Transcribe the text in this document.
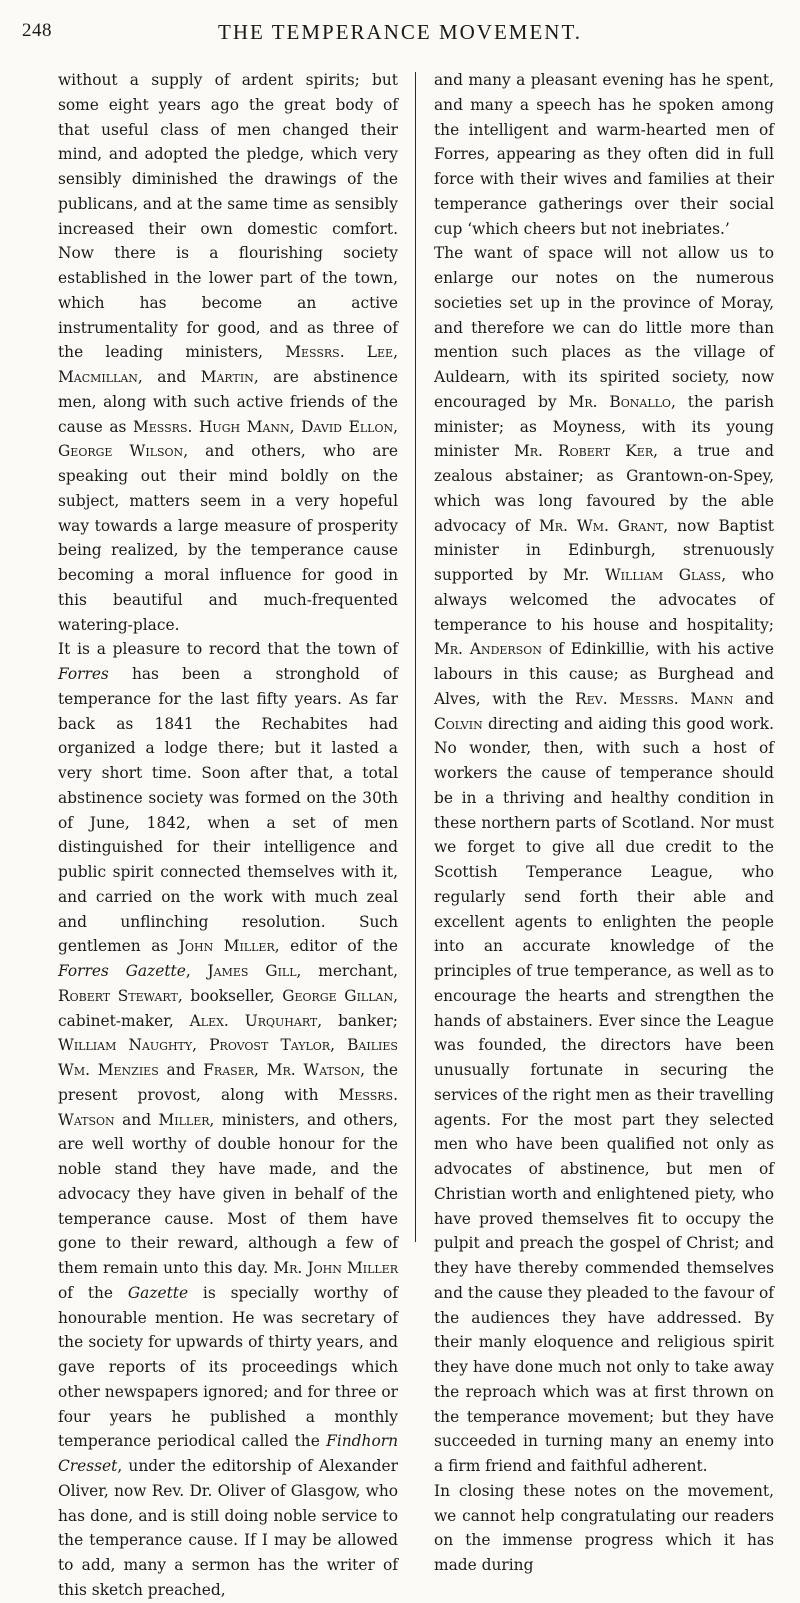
248	THE TEMPERANCE MOVEMENT.

without a supply of ardent spirits; but some eight years ago the great body of that useful class of men changed their mind, and adopted the pledge, which very sensibly diminished the drawings of the publicans, and at the same time as sensibly increased their own domestic comfort. Now there is a flourishing society established in the lower part of the town, which has become an active instrumentality for good, and as three of the leading ministers, Messrs. Lee, Macmillan, and Martin, are abstinence men, along with such active friends of the cause as Messrs. Hugh Mann, David Ellon, George Wilson, and others, who are speaking out their mind boldly on the subject, matters seem in a very hopeful way towards a large measure of prosperity being realized, by the temperance cause becoming a moral influence for good in this beautiful and much-frequented watering-place.

It is a pleasure to record that the town of Forres has been a stronghold of temperance for the last fifty years. As far back as 1841 the Rechabites had organized a lodge there; but it lasted a very short time. Soon after that, a total abstinence society was formed on the 30th of June, 1842, when a set of men distinguished for their intelligence and public spirit connected themselves with it, and carried on the work with much zeal and unflinching resolution. Such gentlemen as John Miller, editor of the Forres Gazette, James Gill, merchant, Robert Stewart, bookseller, George Gillan, cabinet-maker, Alex. Urquhart, banker; William Naughty, Provost Taylor, Bailies Wm. Menzies and Fraser, Mr. Watson, the present provost, along with Messrs. Watson and Miller, ministers, and others, are well worthy of double honour for the noble stand they have made, and the advocacy they have given in behalf of the temperance cause. Most of them have gone to their reward, although a few of them remain unto this day. Mr. John Miller of the Gazette is specially worthy of honourable mention. He was secretary of the society for upwards of thirty years, and gave reports of its proceedings which other newspapers ignored; and for three or four years he published a monthly temperance periodical called the Findhorn Cresset, under the editorship of Alexander Oliver, now Rev. Dr. Oliver of Glasgow, who has done, and is still doing noble service to the temperance cause. If I may be allowed to add, many a sermon has the writer of this sketch preached,

and many a pleasant evening has he spent, and many a speech has he spoken among the intelligent and warm-hearted men of Forres, appearing as they often did in full force with their wives and families at their temperance gatherings over their social cup ‘which cheers but not inebriates.’

The want of space will not allow us to enlarge our notes on the numerous societies set up in the province of Moray, and therefore we can do little more than mention such places as the village of Auldearn, with its spirited society, now encouraged by Mr. Bonallo, the parish minister; as Moyness, with its young minister Mr. Robert Ker, a true and zealous abstainer; as Grantown-on-Spey, which was long favoured by the able advocacy of Mr. Wm. Grant, now Baptist minister in Edinburgh, strenuously supported by Mr. William Glass, who always welcomed the advocates of temperance to his house and hospitality; Mr. Anderson of Edinkillie, with his active labours in this cause; as Burghead and Alves, with the Rev. Messrs. Mann and Colvin directing and aiding this good work. No wonder, then, with such a host of workers the cause of temperance should be in a thriving and healthy condition in these northern parts of Scotland. Nor must we forget to give all due credit to the Scottish Temperance League, who regularly send forth their able and excellent agents to enlighten the people into an accurate knowledge of the principles of true temperance, as well as to encourage the hearts and strengthen the hands of abstainers. Ever since the League was founded, the directors have been unusually fortunate in securing the services of the right men as their travelling agents. For the most part they selected men who have been qualified not only as advocates of abstinence, but men of Christian worth and enlightened piety, who have proved themselves fit to occupy the pulpit and preach the gospel of Christ; and they have thereby commended themselves and the cause they pleaded to the favour of the audiences they have addressed. By their manly eloquence and religious spirit they have done much not only to take away the reproach which was at first thrown on the temperance movement; but they have succeeded in turning many an enemy into a firm friend and faithful adherent.

In closing these notes on the movement, we cannot help congratulating our readers on the immense progress which it has made during
